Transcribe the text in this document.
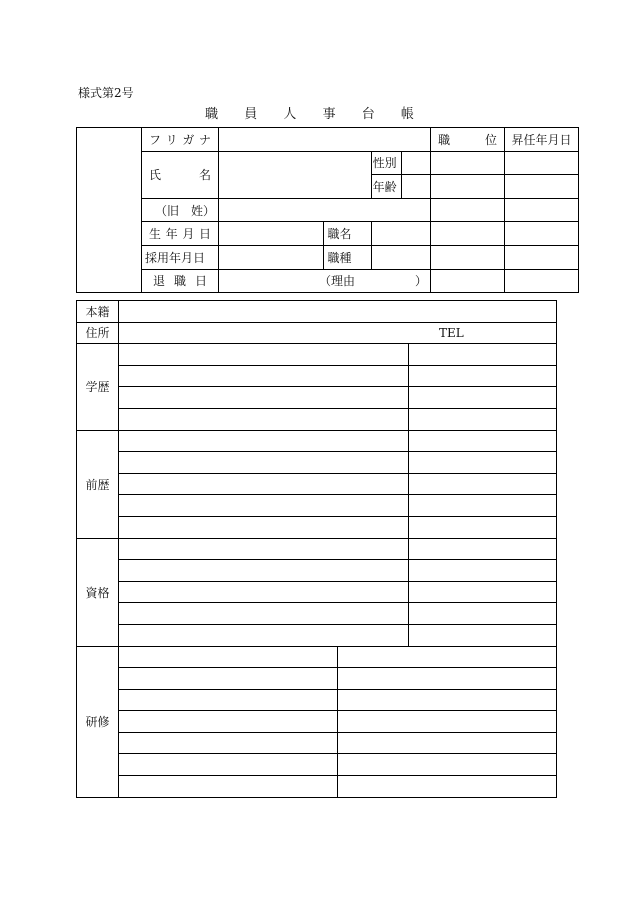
様式第2号
職 員 人 事 台 帳

	フ リ ガ ナ					職 位	昇任年月日

	氏 名			性別			
				年齢			

	（旧　 姓）						

	生 年 月 日		職名				
	採用年月日		職種				

	退 職 日	（理由　　　　　）					
本籍			
住所	TEL		
学歴			

前歴			

資格			

研修			
